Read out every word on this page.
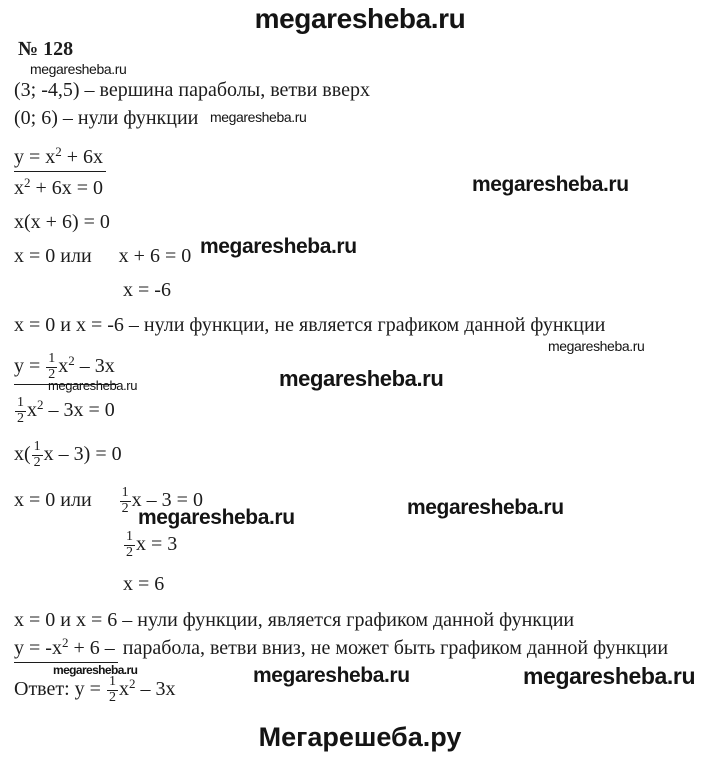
megaresheba.ru
№ 128
megaresheba.ru
(3; -4,5) – вершина параболы, ветви вверх
(0; 6) – нули функции megaresheba.ru
$y = x^2 + 6x$
$x^2 + 6x = 0$	megaresheba.ru
x(x + 6) = 0
x = 0 или x + 6 = 0 megaresheba.ru
x = -6
x = 0 и x = -6 – нули функции, не является графиком данной функции
megaresheba.ru
$y = \frac{1}{2} x^2 - 3x$
megaresheba.ru
megaresheba.ru
$\frac{1}{2} x^2 - 3x = 0$
$x( \frac{1}{2}$ x – 3) = 0
x = 0 или $\frac{1}{2}$ x – 3 = 0
megaresheba.ru	megaresheba.ru
$\frac{1}{2}$ x = 3
x = 6
x = 0 и x = 6 – нули функции, является графиком данной функции
$y = -x^2 + 6$ – парабола, ветви вниз, не может быть графиком данной функции
megaresheba.ru	megaresheba.ru	megaresheba.ru
Ответ: $y = \frac{1}{2} x^2 - 3x$
Мегарешеба.ру
